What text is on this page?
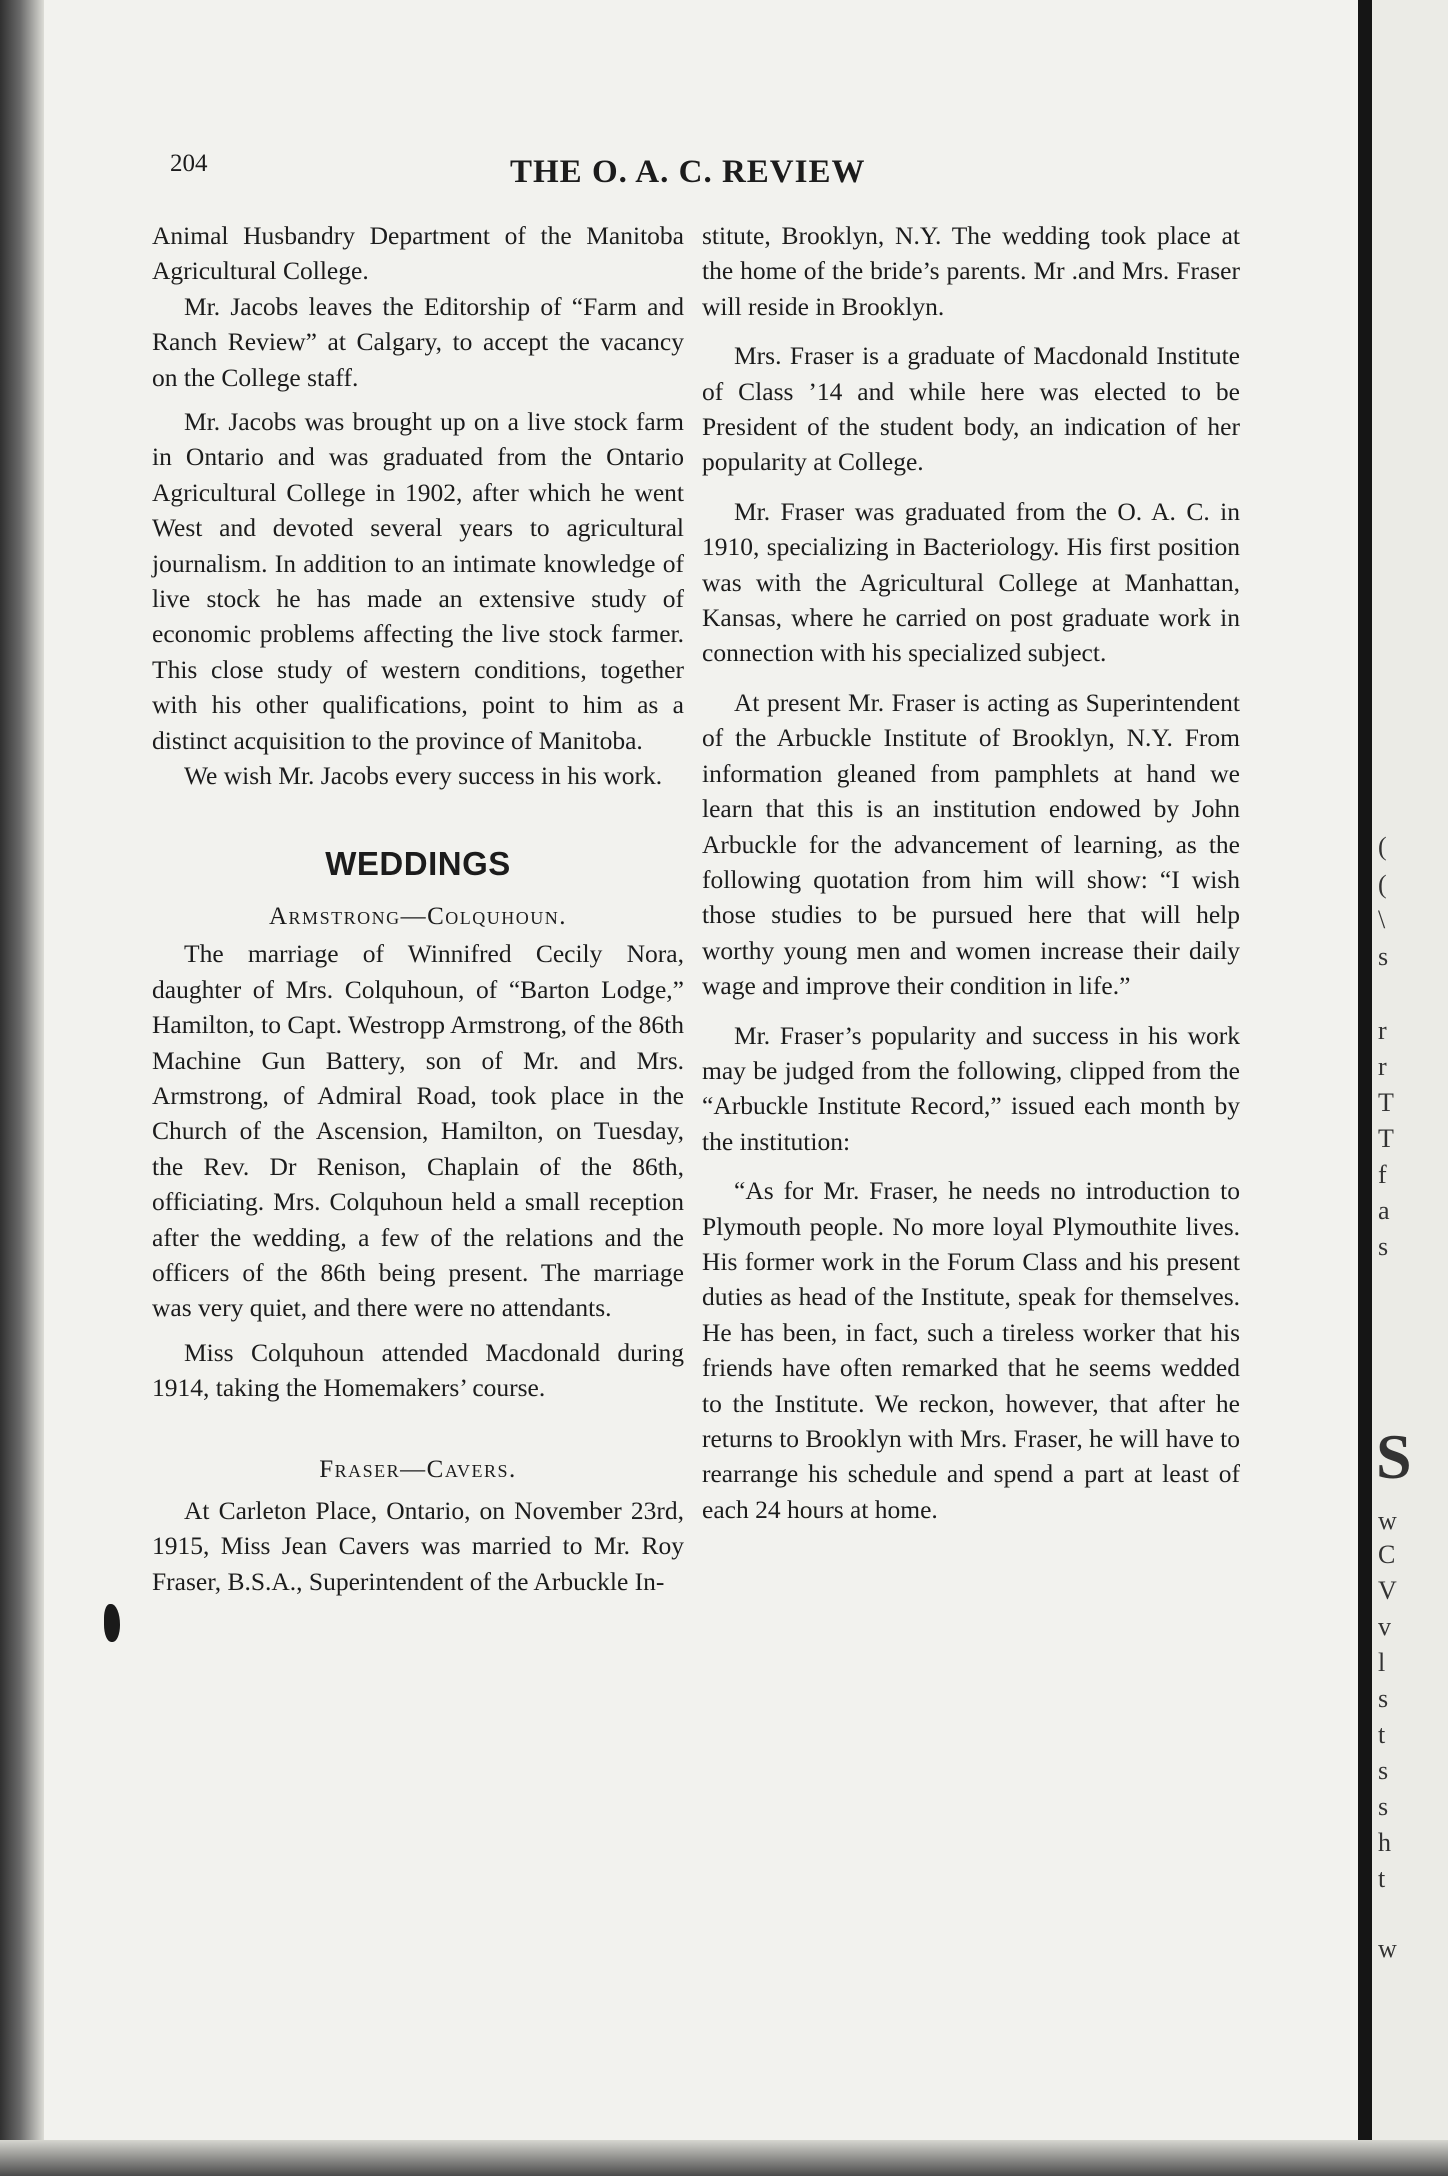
204	THE O. A. C. REVIEW

Animal Husbandry Department of the Manitoba Agricultural College.

Mr. Jacobs leaves the Editorship of “Farm and Ranch Review” at Calgary, to accept the vacancy on the College staff.

Mr. Jacobs was brought up on a live stock farm in Ontario and was graduated from the Ontario Agricultural College in 1902, after which he went West and devoted several years to agricultural journalism. In addition to an intimate knowledge of live stock he has made an extensive study of economic problems affecting the live stock farmer. This close study of western conditions, together with his other qualifications, point to him as a distinct acquisition to the province of Manitoba.

We wish Mr. Jacobs every success in his work.

WEDDINGS
Armstrong—Colquhoun.

The marriage of Winnifred Cecily Nora, daughter of Mrs. Colquhoun, of “Barton Lodge,” Hamilton, to Capt. Westropp Armstrong, of the 86th Machine Gun Battery, son of Mr. and Mrs. Armstrong, of Admiral Road, took place in the Church of the Ascension, Hamilton, on Tuesday, the Rev. Dr Renison, Chaplain of the 86th, officiating. Mrs. Colquhoun held a small reception after the wedding, a few of the relations and the officers of the 86th being present. The marriage was very quiet, and there were no attendants.

Miss Colquhoun attended Macdonald during 1914, taking the Homemakers’ course.

Fraser—Cavers.

At Carleton Place, Ontario, on November 23rd, 1915, Miss Jean Cavers was married to Mr. Roy Fraser, B.S.A., Superintendent of the Arbuckle In-

stitute, Brooklyn, N.Y. The wedding took place at the home of the bride’s parents. Mr .and Mrs. Fraser will reside in Brooklyn.

Mrs. Fraser is a graduate of Macdonald Institute of Class ’14 and while here was elected to be President of the student body, an indication of her popularity at College.

Mr. Fraser was graduated from the O. A. C. in 1910, specializing in Bacteriology. His first position was with the Agricultural College at Manhattan, Kansas, where he carried on post graduate work in connection with his specialized subject.

At present Mr. Fraser is acting as Superintendent of the Arbuckle Institute of Brooklyn, N.Y. From information gleaned from pamphlets at hand we learn that this is an institution endowed by John Arbuckle for the advancement of learning, as the following quotation from him will show: “I wish those studies to be pursued here that will help worthy young men and women increase their daily wage and improve their condition in life.”

Mr. Fraser’s popularity and success in his work may be judged from the following, clipped from the “Arbuckle Institute Record,” issued each month by the institution:

“As for Mr. Fraser, he needs no introduction to Plymouth people. No more loyal Plymouthite lives. His former work in the Forum Class and his present duties as head of the Institute, speak for themselves. He has been, in fact, such a tireless worker that his friends have often remarked that he seems wedded to the Institute. We reckon, however, that after he returns to Brooklyn with Mrs. Fraser, he will have to rearrange his schedule and spend a part at least of each 24 hours at home.

(
(
\
s
r
r
T
T
f
a
s
S
w
C
V
v
l
s
t
s
s
h
t
w
